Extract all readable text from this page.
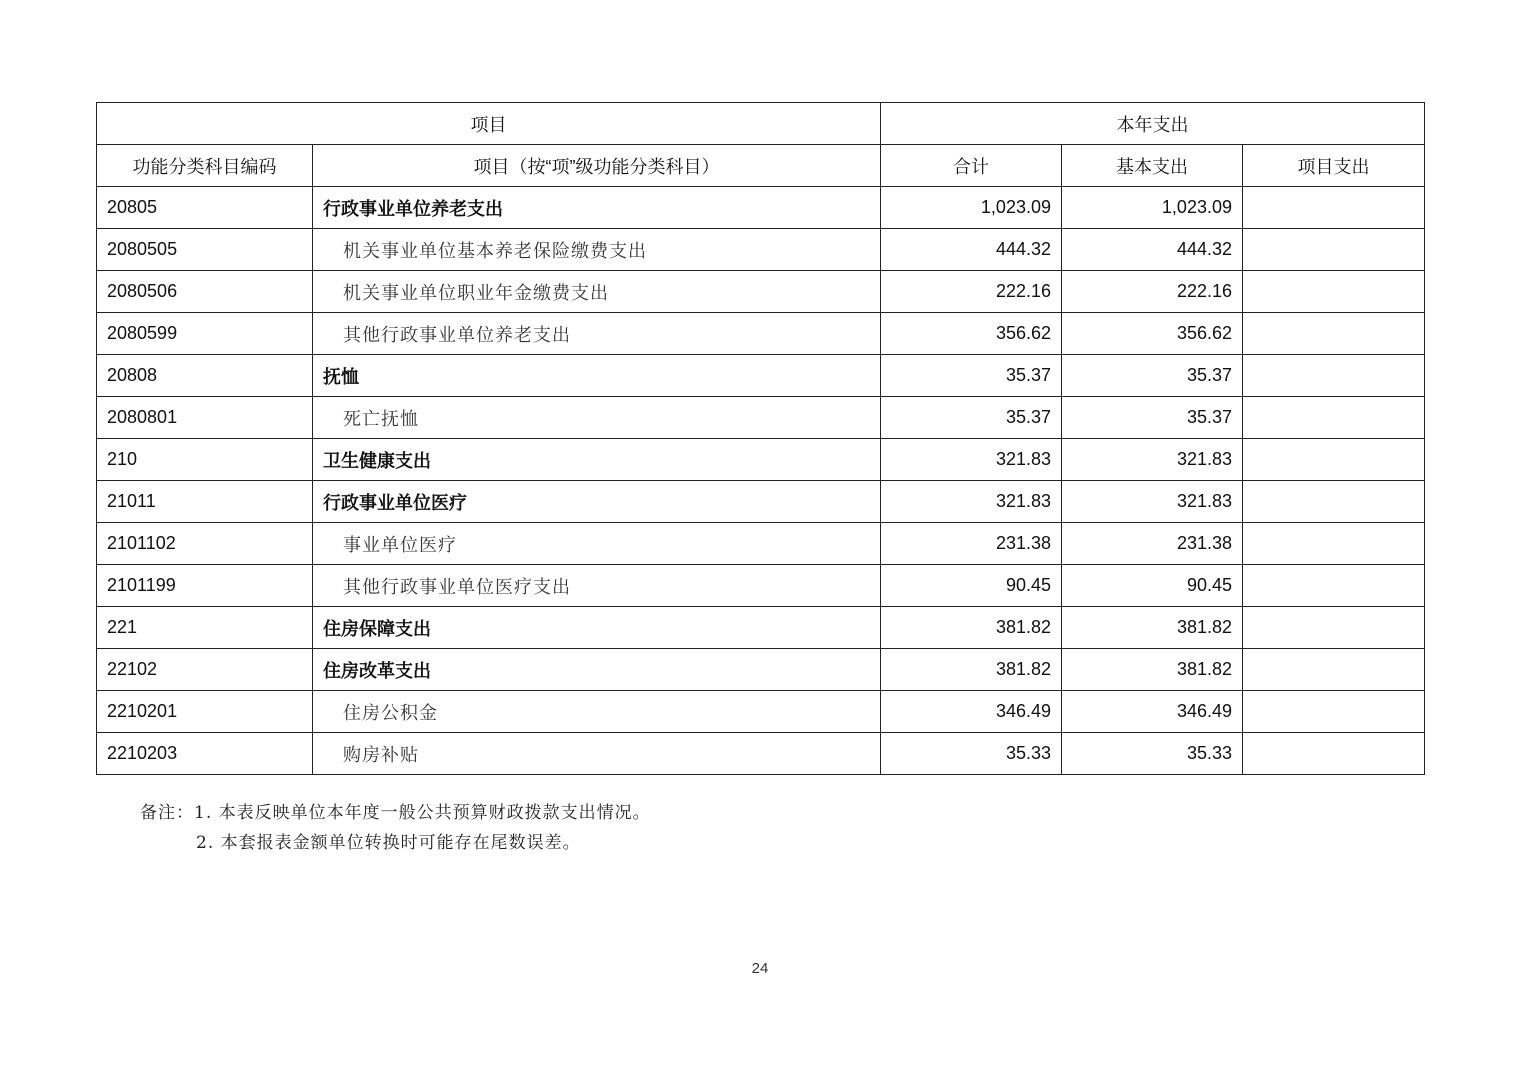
项目		本年支出		
功能分类科目编码	项目（按“项”级功能分类科目）	合计	基本支出	项目支出
20805	行政事业单位养老支出	1,023.09	1,023.09	
2080505	机关事业单位基本养老保险缴费支出	444.32	444.32	
2080506	机关事业单位职业年金缴费支出	222.16	222.16	
2080599	其他行政事业单位养老支出	356.62	356.62	
20808	抚恤	35.37	35.37	
2080801	死亡抚恤	35.37	35.37	
210	卫生健康支出	321.83	321.83	
21011	行政事业单位医疗	321.83	321.83	
2101102	事业单位医疗	231.38	231.38	
2101199	其他行政事业单位医疗支出	90.45	90.45	
221	住房保障支出	381.82	381.82	
22102	住房改革支出	381.82	381.82	
2210201	住房公积金	346.49	346.49	
2210203	购房补贴	35.33	35.33	
备注：1. 本表反映单位本年度一般公共预算财政拨款支出情况。
2. 本套报表金额单位转换时可能存在尾数误差。
24
